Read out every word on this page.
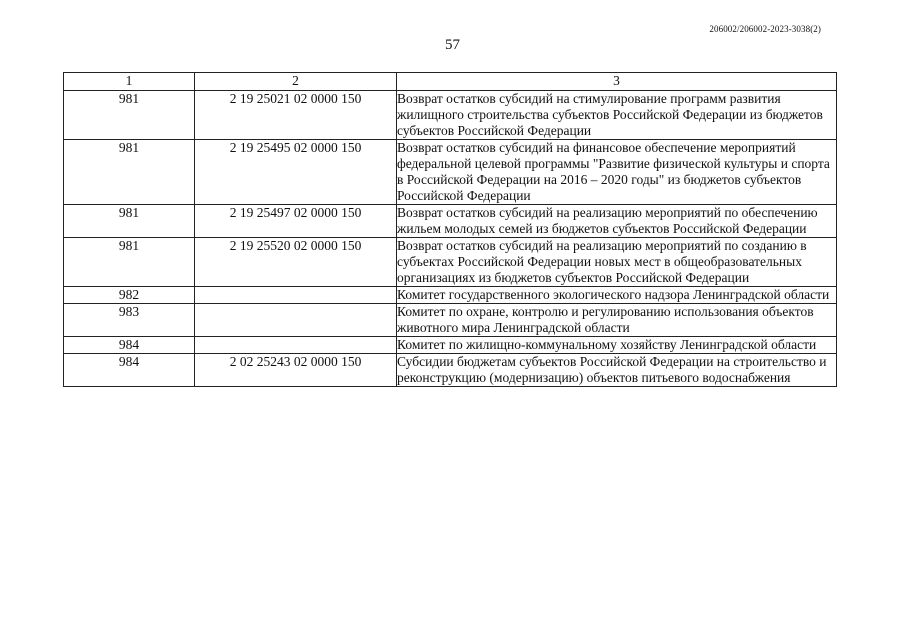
206002/206002-2023-3038(2)
57
1	2	3
981	2 19 25021 02 0000 150	Возврат остатков субсидий на стимулирование программ развития жилищного строительства субъектов Российской Федерации из бюджетов субъектов Российской Федерации
981	2 19 25495 02 0000 150	Возврат остатков субсидий на финансовое обеспечение мероприятий федеральной целевой программы "Развитие физической культуры и спорта в Российской Федерации на 2016 – 2020 годы" из бюджетов субъектов Российской Федерации
981	2 19 25497 02 0000 150	Возврат остатков субсидий на реализацию мероприятий по обеспечению жильем молодых семей из бюджетов субъектов Российской Федерации
981	2 19 25520 02 0000 150	Возврат остатков субсидий на реализацию мероприятий по созданию в субъектах Российской Федерации новых мест в общеобразовательных организациях из бюджетов субъектов Российской Федерации
982		Комитет государственного экологического надзора Ленинградской области
983		Комитет по охране, контролю и регулированию использования объектов животного мира Ленинградской области
984		Комитет по жилищно-коммунальному хозяйству Ленинградской области
984	2 02 25243 02 0000 150	Субсидии бюджетам субъектов Российской Федерации на строительство и реконструкцию (модернизацию) объектов питьевого водоснабжения
